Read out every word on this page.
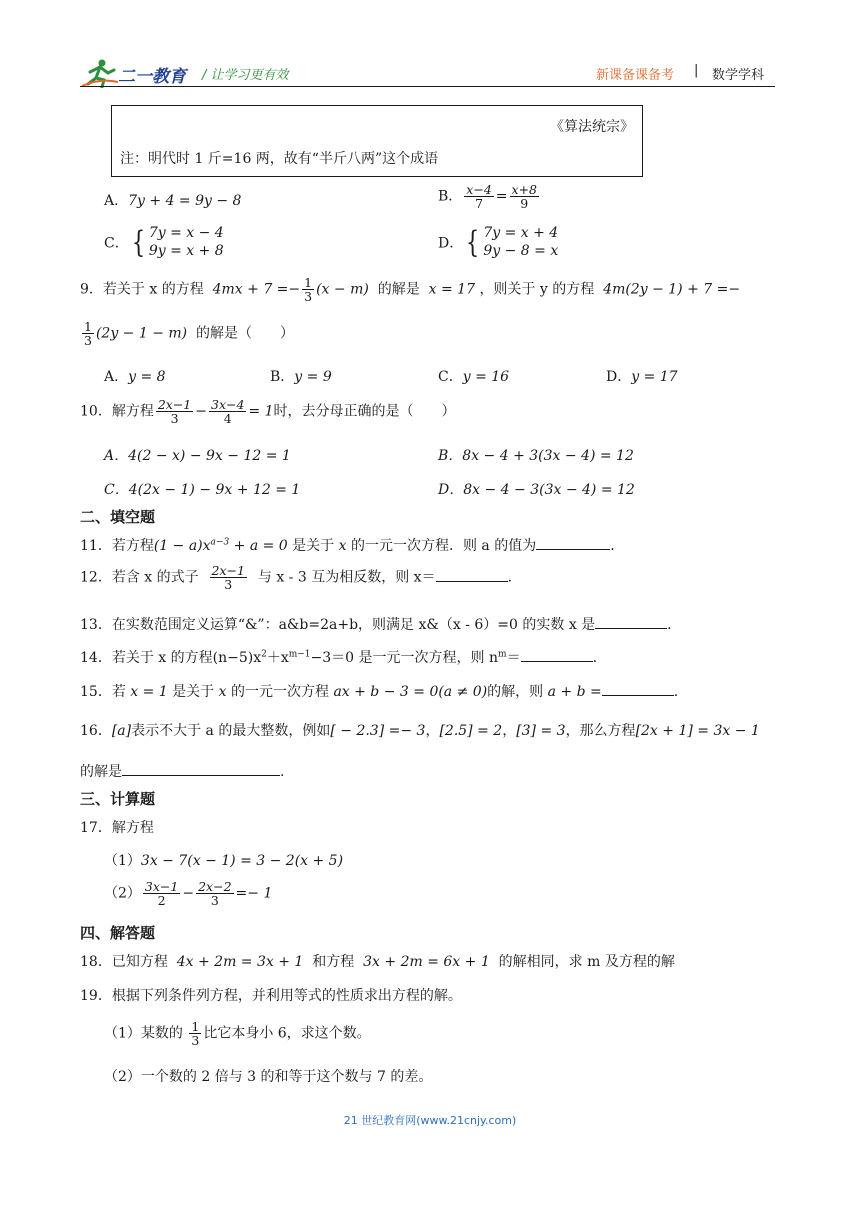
二一教育 / 让学习更有效	新课备课备考 | 数学学科
《算法统宗》
注：明代时 1 斤=16 两，故有“半斤八两”这个成语
A．7y + 4 = 9y − 8	B． $\frac{x-4}{7} = \frac{x+8}{9}$
C．{ 7y = x − 4
9y = x + 8	D．{ 7y = x + 4
9y − 8 = x
9．若关于 x 的方程 $4mx + 7 =- \frac{1}{3} (x - m)$ 的解是 x = 17 ，则关于 y 的方程 4m(2y − 1) + 7 =−
$\frac{1}{3} (2y - 1 - m)$ 的解是（　　）
A．y = 8	B．y = 9	C．y = 16	D．y = 17
10．解方程 $\frac{2x-1}{3} - \frac{3x-4}{4} = 1$时，去分母正确的是（　　）
A．4(2 − x) − 9x − 12 = 1	B．8x − 4 + 3(3x − 4) = 12
C．4(2x − 1) − 9x + 12 = 1	D．8x − 4 − 3(3x − 4) = 12
二、填空题
11．若方程$(1 - a)x^{a-3} + a = 0$ 是关于 x 的一元一次方程．则 a 的值为	.
12．若含 x 的式子 $\frac{2x-1}{3}$ 与 x - 3 互为相反数，则 x＝	.
13．在实数范围定义运算“&”：a&b=2a+b，则满足 x&（x - 6）=0 的实数 x 是	.
14．若关于 x 的方程$(n-5)x^2+x^{m-1}-3=0$ 是一元一次方程，则 $n^m=$	.
15．若 x = 1 是关于 x 的一元一次方程 ax + b − 3 = 0(a ≠ 0)的解，则 a + b =	.
16．[a]表示不大于 a 的最大整数，例如[ − 2.3] =− 3，[2.5] = 2，[3] = 3，那么方程[2x + 1] = 3x − 1
的解是	.
三、计算题
17．解方程
（1）3x − 7(x − 1) = 3 − 2(x + 5)
$(2) \frac{3x-1}{2} - \frac{2x-2}{3} =- 1$
四、解答题
18．已知方程 4x + 2m = 3x + 1 和方程 3x + 2m = 6x + 1 的解相同，求 m 及方程的解
19．根据下列条件列方程，并利用等式的性质求出方程的解。
（1）某数的 $\frac{1}{3}$ 比它本身小 6，求这个数。
（2）一个数的 2 倍与 3 的和等于这个数与 7 的差。
21 世纪教育网(www.21cnjy.com)
